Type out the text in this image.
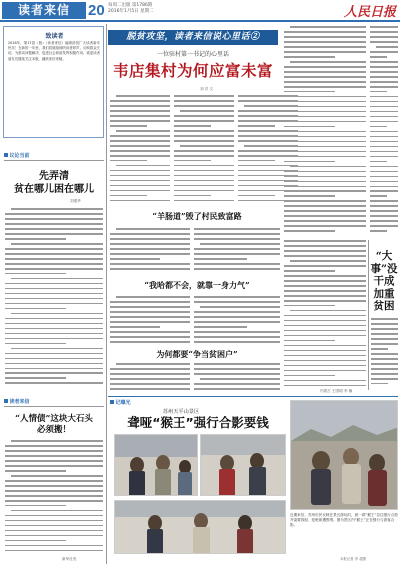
读者来信	20 每周二出版 第1786期
2016年1月5日 星期二	人民日报
致读者
2016年，第17卷（版）《读者来信》编辑部祝广大读者新年快乐！在新的一年里，我们将继续倾听读者呼声，反映群众关切，为推动问题解决、促进社会和谐发挥积极作用。欢迎读者朋友们继续关注本版，踊跃来信来稿。
议论当前
先弄清
贫在哪儿困在哪儿
刘建华
读者来信
“人情债”这块大石头
必须搬！
新华社发
脱贫攻坚，读者来信说心里话②
一位驻村第一书记的心里话
韦店集村为何应富未富
刘 洋 文
“羊肠道”毁了村民致富路
“我哈都不会，就靠一身力气”
为何都要“争当贫困户”
“大事”没干成加重贫困
内蒙古 王国明 李 楠
记曝光
苏州天平山景区
聋哑“猴王”强行合影要钱
近期来信，苏州市民反映在景区游玩时，被一群“猴王”拉住强行合影并索要钱财，拒绝即遭围堵。图为景区内“猴王”正在强行与游客合影。
本报记者 李 超摄
